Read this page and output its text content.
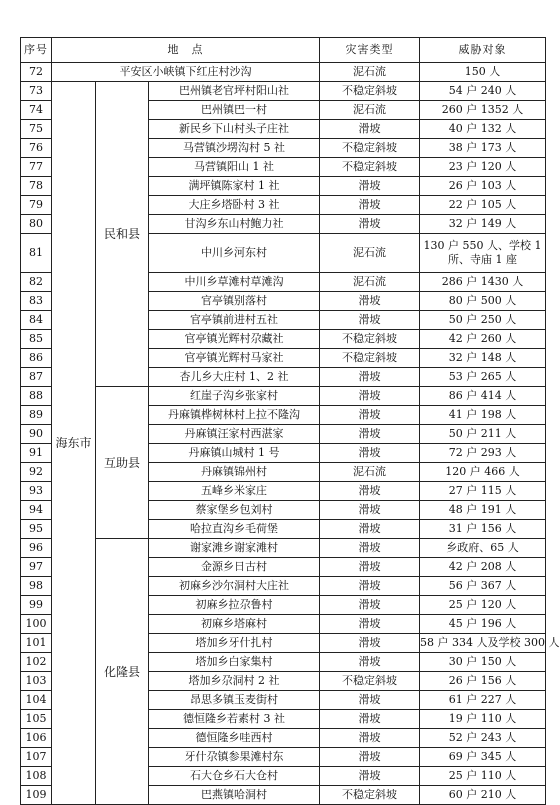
序号	地　点			灾害类型	威胁对象
72	平安区小峡镇下红庄村沙沟			泥石流	150 人
73	海东市	民和县	巴州镇老官坪村阳山社	不稳定斜坡	54 户 240 人
74			巴州镇巴一村	泥石流	260 户 1352 人
75			新民乡下山村头子庄社	滑坡	40 户 132 人
76			马营镇沙塄沟村 5 社	不稳定斜坡	38 户 173 人
77			马营镇阳山 1 社	不稳定斜坡	23 户 120 人
78			满坪镇陈家村 1 社	滑坡	26 户 103 人
79			大庄乡塔卧村 3 社	滑坡	22 户 105 人
80			甘沟乡东山村鲍力社	滑坡	32 户 149 人
81			中川乡河东村	泥石流	130 户 550 人、学校 1 所、寺庙 1 座
82			中川乡草滩村草滩沟	泥石流	286 户 1430 人
83			官亭镇别落村	滑坡	80 户 500 人
84			官亭镇前进村五社	滑坡	50 户 250 人
85			官亭镇光辉村尕藏社	不稳定斜坡	42 户 260 人
86			官亭镇光辉村马家社	不稳定斜坡	32 户 148 人
87			杏儿乡大庄村 1、2 社	滑坡	53 户 265 人
88		互助县	红崖子沟乡张家村	滑坡	86 户 414 人
89			丹麻镇桦树林村上拉不隆沟	滑坡	41 户 198 人
90			丹麻镇汪家村西湛家	滑坡	50 户 211 人
91			丹麻镇山城村 1 号	滑坡	72 户 293 人
92			丹麻镇锦州村	泥石流	120 户 466 人
93			五峰乡米家庄	滑坡	27 户 115 人
94			蔡家堡乡包刘村	滑坡	48 户 191 人
95			哈拉直沟乡毛荷堡	滑坡	31 户 156 人
96		化隆县	谢家滩乡谢家滩村	滑坡	乡政府、65 人
97			金源乡日古村	滑坡	42 户 208 人
98			初麻乡沙尔洞村大庄社	滑坡	56 户 367 人
99			初麻乡拉尕鲁村	滑坡	25 户 120 人
100			初麻乡塔麻村	滑坡	45 户 196 人
101			塔加乡牙什扎村	滑坡	58 户 334 人及学校 300 人
102			塔加乡白家集村	滑坡	30 户 150 人
103			塔加乡尕洞村 2 社	不稳定斜坡	26 户 156 人
104			昂思多镇玉麦街村	滑坡	61 户 227 人
105			德恒隆乡若素村 3 社	滑坡	19 户 110 人
106			德恒隆乡哇西村	滑坡	52 户 243 人
107			牙什尕镇参果滩村东	滑坡	69 户 345 人
108			石大仓乡石大仓村	滑坡	25 户 110 人
109			巴燕镇哈洞村	不稳定斜坡	60 户 210 人
